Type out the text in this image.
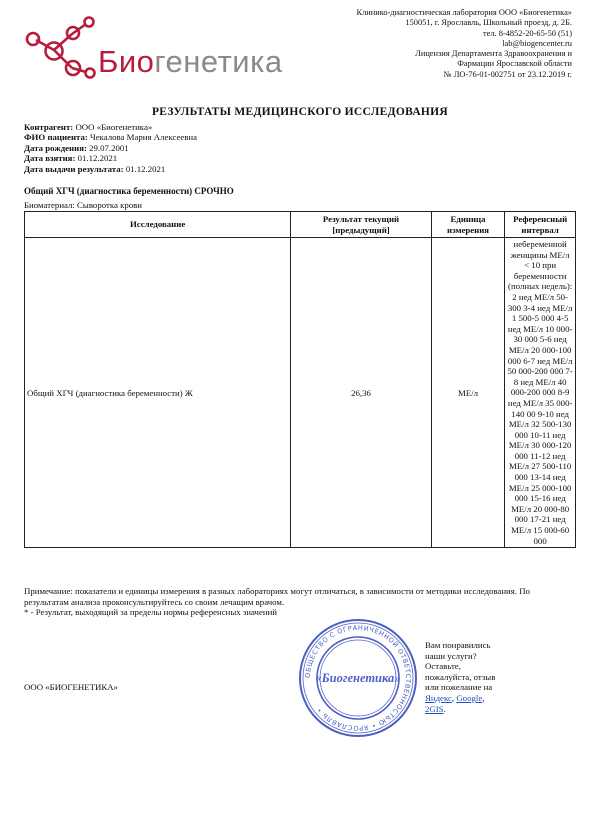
Биогенетика
Клинико-диагностическая лаборатория ООО «Биогенетика»
150051, г. Ярославль, Школьный проезд, д. 2Б.
тел. 8-4852-20-65-50 (51)
lab@biogencenter.ru
Лицензия Департамента Здравоохранения и
Фармации Ярославской области
№ ЛО-76-01-002751 от 23.12.2019 г.
РЕЗУЛЬТАТЫ МЕДИЦИНСКОГО ИССЛЕДОВАНИЯ
Контрагент: ООО «Биогенетика»
ФИО пациента: Чекалова Мария Алексеевна
Дата рождения: 29.07.2001
Дата взятия: 01.12.2021
Дата выдачи результата: 01.12.2021
Общий ХГЧ (диагностика беременности) СРОЧНО
Биоматериал: Сыворотка крови
Исследование	Результат текущий [предыдущий]	Единица измерения	Референсный интервал
Общий ХГЧ (диагностика беременности) Ж	26,36	МЕ/л	небеременной женщины МЕ/л < 10 при беременности (полных недель): 2 нед МЕ/л 50-300 3-4 нед МЕ/л 1 500-5 000 4-5 нед МЕ/л 10 000-30 000 5-6 нед МЕ/л 20 000-100 000 6-7 нед МЕ/л 50 000-200 000 7-8 нед МЕ/л 40 000-200 000 8-9 нед МЕ/л 35 000-140 00 9-10 нед МЕ/л 32 500-130 000 10-11 нед МЕ/л 30 000-120 000 11-12 нед МЕ/л 27 500-110 000 13-14 нед МЕ/л 25 000-100 000 15-16 нед МЕ/л 20 000-80 000 17-21 нед МЕ/л 15 000-60 000
Примечание: показатели и единицы измерения в разных лабораториях могут отличаться, в зависимости от методики исследования. По результатам анализа проконсультируйтесь со своим лечащим врачом.
* - Результат, выходящий за пределы нормы референсных значений
ООО «БИОГЕНЕТИКА»
ОБЩЕСТВО С ОГРАНИЧЕННОЙ ОТВЕТСТВЕННОСТЬЮ • ЯРОСЛАВЛЬ •
«Биогенетика»
Вам понравились наши услуги? Оставьте, пожалуйста, отзыв или пожелание на Яндекс, Google, 2GIS.
